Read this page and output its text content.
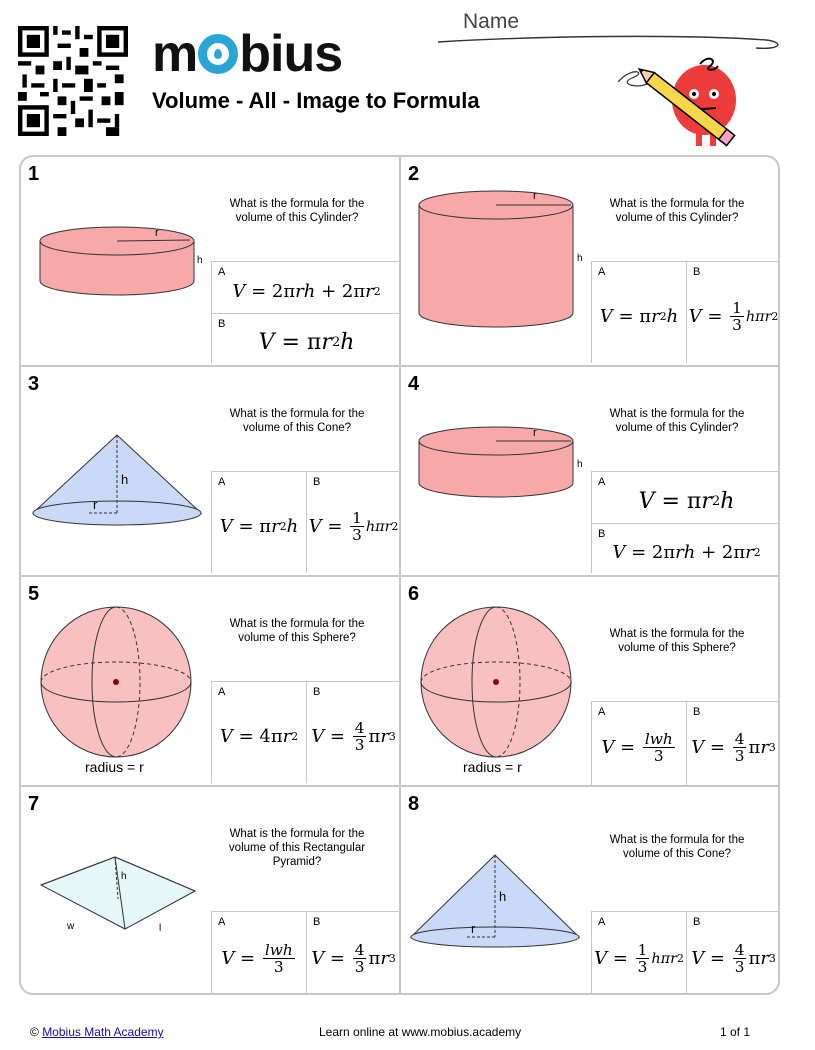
m bius
Volume - All - Image to Formula
Name
1
What is the formula for the volume of this Cylinder?
r
h
A
V = 2π rh + 2π r 2
B
V = π r 2 h
2
What is the formula for the volume of this Cylinder?
r
h
A
V = π r 2 h
B
$V = \frac{1}{3}$ hπr 2
3
What is the formula for the volume of this Cone?
h
r
A
V = π r 2 h
B
$V = \frac{1}{3}$ hπr 2
4
What is the formula for the volume of this Cylinder?
r
h
A
V = π r 2 h
B
V = 2π rh + 2π r 2
5
What is the formula for the volume of this Sphere?
radius = r
A
V = 4π r 2
B
$V = \frac{4}{3}$ π r 3
6
What is the formula for the volume of this Sphere?
radius = r
A
$V = \frac{\text{lwh}}{3}$
B
$V = \frac{4}{3}$ π r 3
7
What is the formula for the volume of this Rectangular Pyramid?
h
w	l
A
$V = \frac{\text{lwh}}{3}$
B
$V = \frac{4}{3}$ π r 3
8
What is the formula for the volume of this Cone?
h
r	A
$V = \frac{1}{3}$ hπr 2
B
$V = \frac{4}{3}$ π r 3
© Mobius Math Academy	Learn online at www.mobius.academy	1 of 1
